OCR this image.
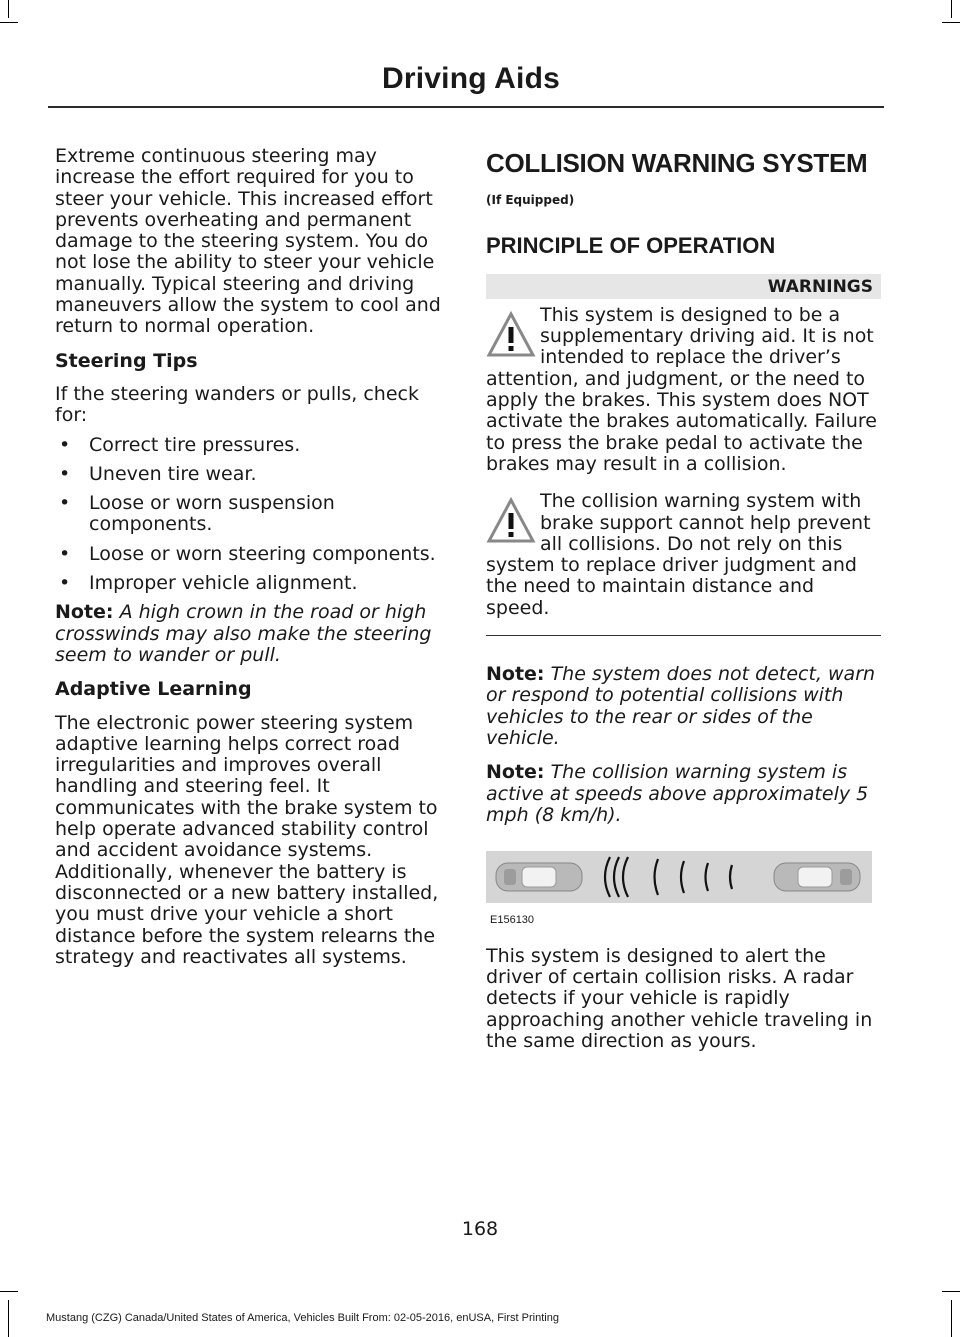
Driving Aids

Extreme continuous steering may increase the effort required for you to steer your vehicle. This increased effort prevents overheating and permanent damage to the steering system. You do not lose the ability to steer your vehicle manually. Typical steering and driving maneuvers allow the system to cool and return to normal operation.

Steering Tips

If the steering wanders or pulls, check for:

• Correct tire pressures.
• Uneven tire wear.
• Loose or worn suspension components.
• Loose or worn steering components.
• Improper vehicle alignment.

Note: A high crown in the road or high crosswinds may also make the steering seem to wander or pull.

Adaptive Learning

The electronic power steering system adaptive learning helps correct road irregularities and improves overall handling and steering feel. It communicates with the brake system to help operate advanced stability control and accident avoidance systems. Additionally, whenever the battery is disconnected or a new battery installed, you must drive your vehicle a short distance before the system relearns the strategy and reactivates all systems.

COLLISION WARNING SYSTEM
(If Equipped)
PRINCIPLE OF OPERATION
WARNINGS
This system is designed to be a supplementary driving aid. It is not intended to replace the driver’s attention, and judgment, or the need to apply the brakes. This system does NOT activate the brakes automatically. Failure to press the brake pedal to activate the brakes may result in a collision.
The collision warning system with brake support cannot help prevent all collisions. Do not rely on this system to replace driver judgment and the need to maintain distance and speed.

Note: The system does not detect, warn or respond to potential collisions with vehicles to the rear or sides of the vehicle.

Note: The collision warning system is active at speeds above approximately 5 mph (8 km/h).

E156130

This system is designed to alert the driver of certain collision risks. A radar detects if your vehicle is rapidly approaching another vehicle traveling in the same direction as yours.

168
Mustang (CZG) Canada/United States of America, Vehicles Built From: 02-05-2016, enUSA, First Printing
